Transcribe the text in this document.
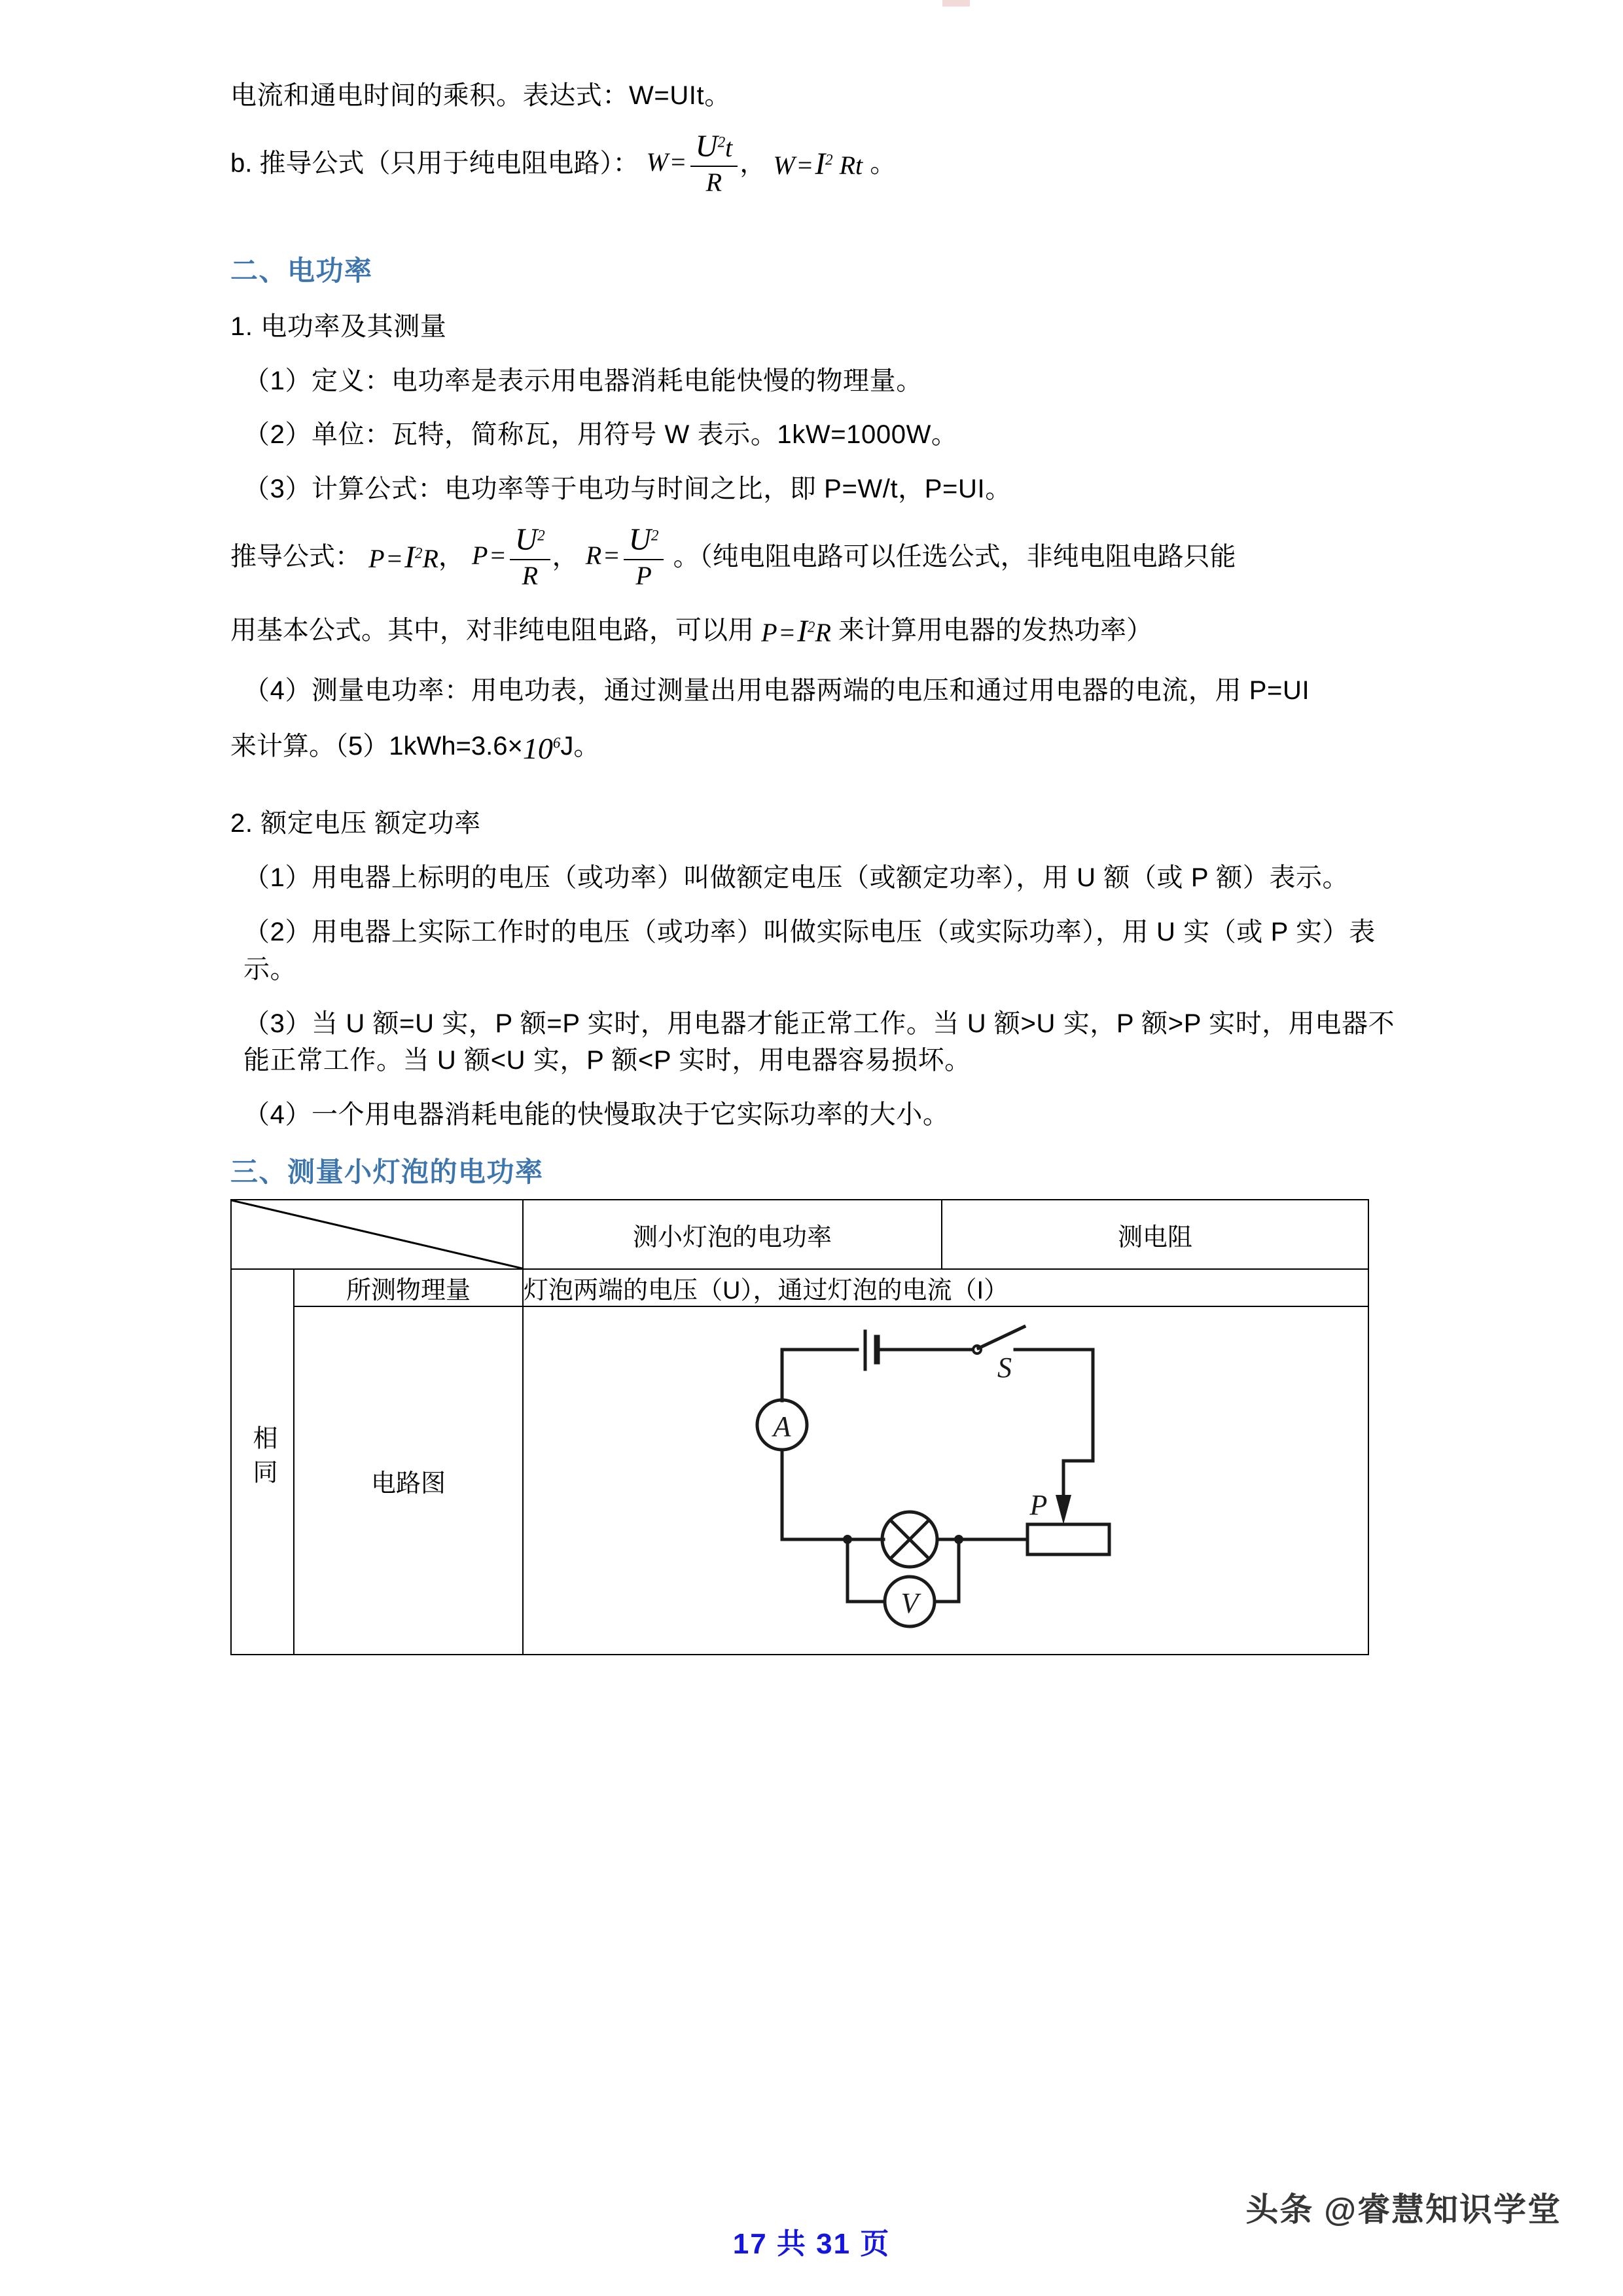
电流和通电时间的乘积。表达式：W=UIt。

b. 推导公式（只用于纯电阻电路）： $W = \frac{U^2t}{R}$ ， $W =I^2$ Rt 。
二、电功率

1. 电功率及其测量

（1）定义：电功率是表示用电器消耗电能快慢的物理量。

（2）单位：瓦特，简称瓦，用符号 W 表示。1kW=1000W。

（3）计算公式：电功率等于电功与时间之比，即 P=W/t，P=UI。

推导公式： $P =I^2R$， $P = \frac{U^2}{R}$ ， $R = \frac{U^2}{P}$ 。（纯电阻电路可以任选公式，非纯电阻电路只能
用基本公式。其中，对非纯电阻电路，可以用 $P =I^2R$ 来计算用电器的发热功率）

（4）测量电功率：用电功表，通过测量出用电器两端的电压和通过用电器的电流，用 P=UI

来计算。$(5)1kWh=3.6\times 10^6J$。

2. 额定电压 额定功率

（1）用电器上标明的电压（或功率）叫做额定电压（或额定功率），用 U 额（或 P 额）表示。

（2）用电器上实际工作时的电压（或功率）叫做实际电压（或实际功率），用 U 实（或 P 实）表示。

（3）当 U 额=U 实，P 额=P 实时，用电器才能正常工作。当 U 额>U 实，P 额>P 实时，用电器不能正常工作。当 U 额<U 实，P 额<P 实时，用电器容易损坏。

（4）一个用电器消耗电能的快慢取决于它实际功率的大小。

三、测量小灯泡的电功率
	测小灯泡的电功率	测电阻
相同	所测物理量	灯泡两端的电压（U），通过灯泡的电流（I）	
	电路图	A
V
S
P	
17 共 31 页
头条 @睿慧知识学堂
